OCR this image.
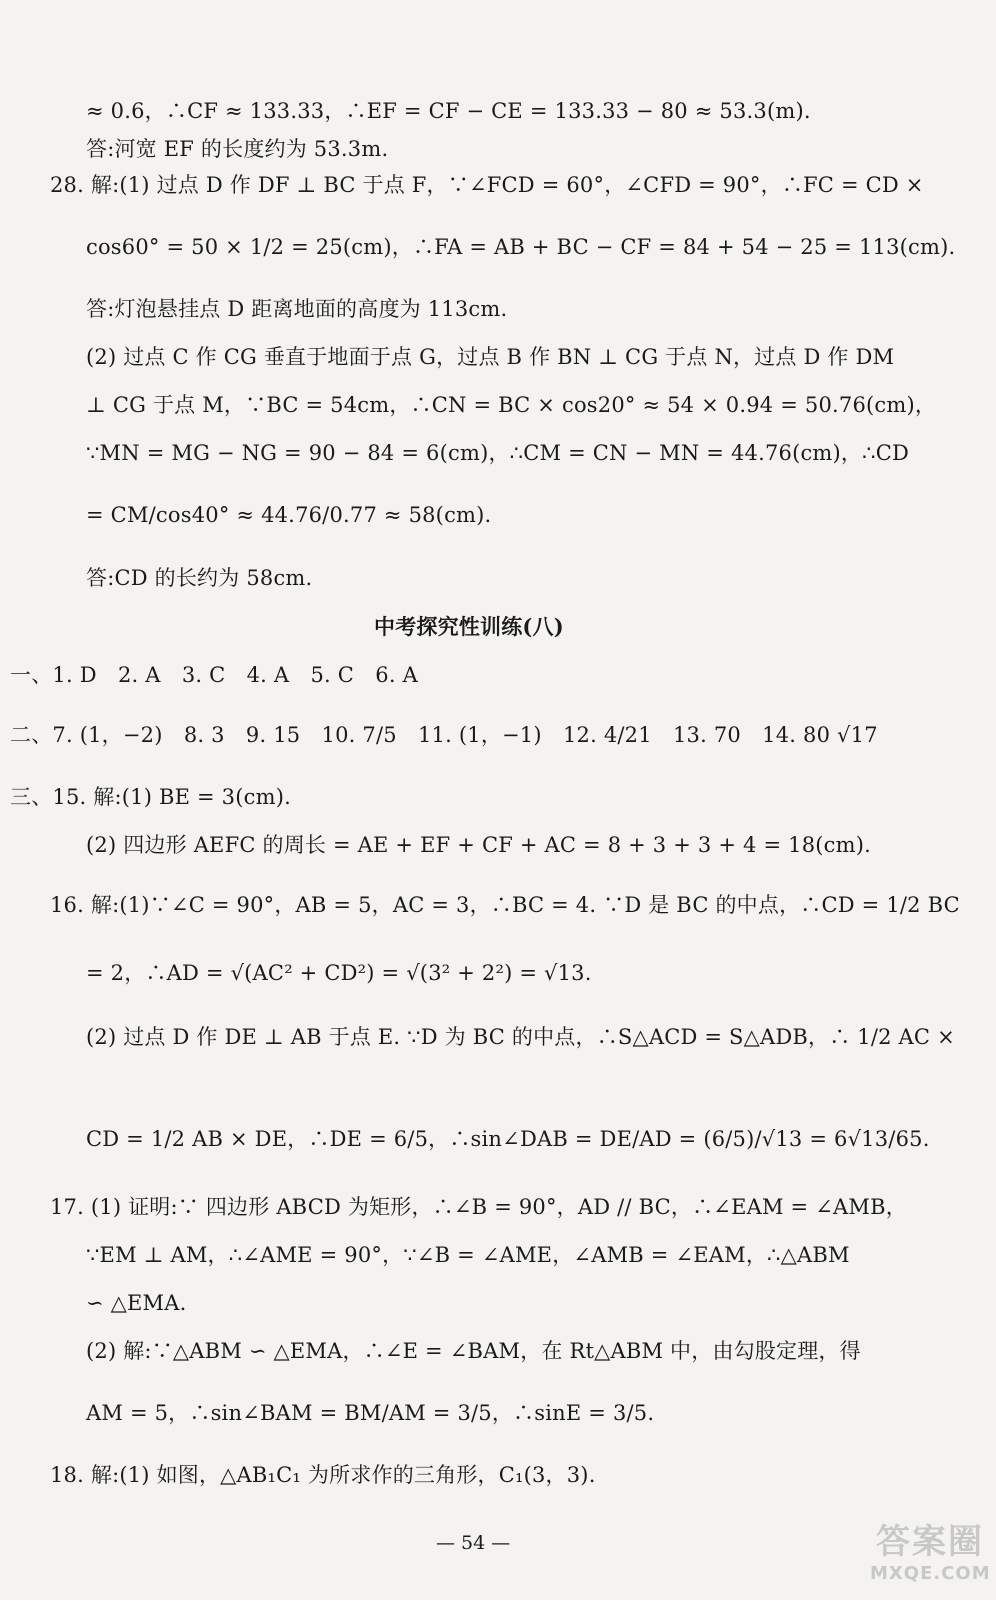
≈ 0.6，∴CF ≈ 133.33，∴EF = CF − CE = 133.33 − 80 ≈ 53.3(m).
答:河宽 EF 的长度约为 53.3m.
28. 解:(1) 过点 D 作 DF ⊥ BC 于点 F，∵∠FCD = 60°，∠CFD = 90°，∴FC = CD ×
cos60° = 50 × 1/2 = 25(cm)，∴FA = AB + BC − CF = 84 + 54 − 25 = 113(cm).
答:灯泡悬挂点 D 距离地面的高度为 113cm.
(2) 过点 C 作 CG 垂直于地面于点 G，过点 B 作 BN ⊥ CG 于点 N，过点 D 作 DM
⊥ CG 于点 M，∵BC = 54cm，∴CN = BC × cos20° ≈ 54 × 0.94 = 50.76(cm)，
∵MN = MG − NG = 90 − 84 = 6(cm)，∴CM = CN − MN = 44.76(cm)，∴CD
= CM/cos40° ≈ 44.76/0.77 ≈ 58(cm).
答:CD 的长约为 58cm.
中考探究性训练(八)
一、1. D　2. A　3. C　4. A　5. C　6. A
二、7. (1，−2)　8. 3　9. 15　10. 7/5　11. (1，−1)　12. 4/21　13. 70　14. 80 √17
三、15. 解:(1) BE = 3(cm).
(2) 四边形 AEFC 的周长 = AE + EF + CF + AC = 8 + 3 + 3 + 4 = 18(cm).
16. 解:(1)∵∠C = 90°，AB = 5，AC = 3，∴BC = 4. ∵D 是 BC 的中点，∴CD = 1/2 BC
= 2，∴AD = √(AC² + CD²) = √(3² + 2²) = √13.
(2) 过点 D 作 DE ⊥ AB 于点 E. ∵D 为 BC 的中点，∴S△ACD = S△ADB，∴ 1/2 AC ×
CD = 1/2 AB × DE，∴DE = 6/5，∴sin∠DAB = DE/AD = (6/5)/√13 = 6√13/65.
17. (1) 证明:∵ 四边形 ABCD 为矩形，∴∠B = 90°，AD // BC，∴∠EAM = ∠AMB，
∵EM ⊥ AM，∴∠AME = 90°，∵∠B = ∠AME，∠AMB = ∠EAM，∴△ABM
∽ △EMA.
(2) 解:∵△ABM ∽ △EMA，∴∠E = ∠BAM，在 Rt△ABM 中，由勾股定理，得
AM = 5，∴sin∠BAM = BM/AM = 3/5，∴sinE = 3/5.
18. 解:(1) 如图，△AB₁C₁ 为所求作的三角形，C₁(3，3).
— 54 —	答案圈
MXQE.COM
